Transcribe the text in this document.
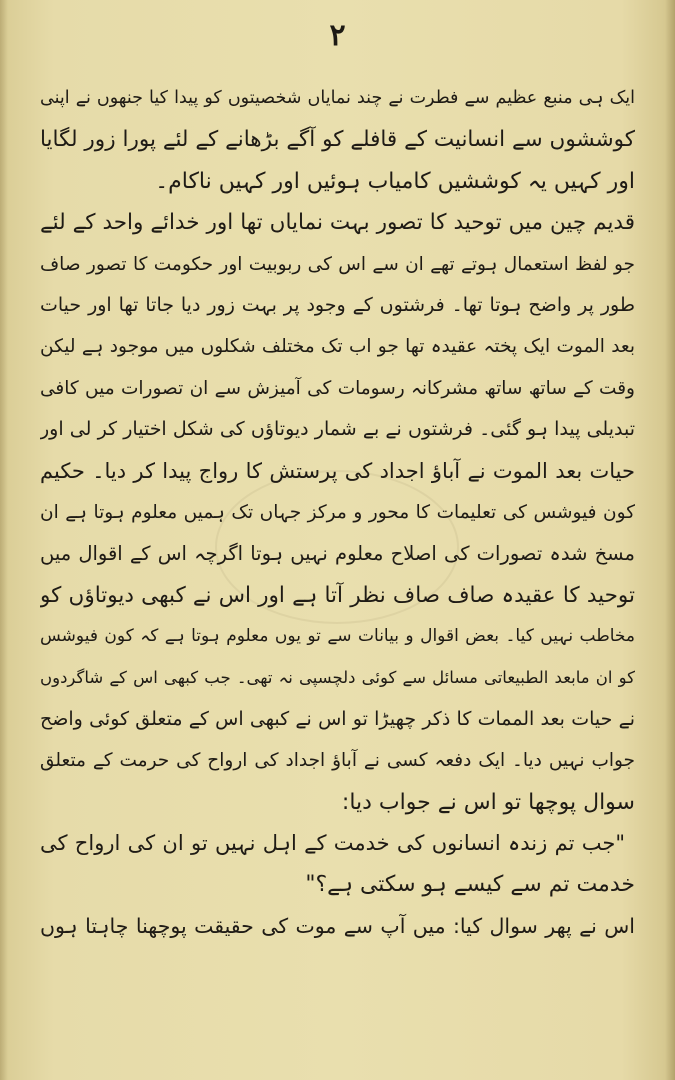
۲
ایک ہی منبع عظیم سے فطرت نے چند نمایاں شخصیتوں کو پیدا کیا جنھوں نے اپنی
کوششوں سے انسانیت کے قافلے کو آگے بڑھانے کے لئے پورا زور لگایا
اور کہیں یہ کوششیں کامیاب ہوئیں اور کہیں ناکام۔
قدیم چین میں توحید کا تصور بہت نمایاں تھا اور خدائے واحد کے لئے
جو لفظ استعمال ہوتے تھے ان سے اس کی ربوبیت اور حکومت کا تصور صاف
طور پر واضح ہوتا تھا۔ فرشتوں کے وجود پر بہت زور دیا جاتا تھا اور حیات
بعد الموت ایک پختہ عقیدہ تھا جو اب تک مختلف شکلوں میں موجود ہے لیکن
وقت کے ساتھ ساتھ مشرکانہ رسومات کی آمیزش سے ان تصورات میں کافی
تبدیلی پیدا ہو گئی۔ فرشتوں نے بے شمار دیوتاؤں کی شکل اختیار کر لی اور
حیات بعد الموت نے آباؤ اجداد کی پرستش کا رواج پیدا کر دیا۔ حکیم
کون فیوشس کی تعلیمات کا محور و مرکز جہاں تک ہمیں معلوم ہوتا ہے ان
مسخ شدہ تصورات کی اصلاح معلوم نہیں ہوتا اگرچہ اس کے اقوال میں
توحید کا عقیدہ صاف صاف نظر آتا ہے اور اس نے کبھی دیوتاؤں کو
مخاطب نہیں کیا۔ بعض اقوال و بیانات سے تو یوں معلوم ہوتا ہے کہ کون فیوشس
کو ان مابعد الطبیعاتی مسائل سے کوئی دلچسپی نہ تھی۔ جب کبھی اس کے شاگردوں
نے حیات بعد الممات کا ذکر چھیڑا تو اس نے کبھی اس کے متعلق کوئی واضح
جواب نہیں دیا۔ ایک دفعہ کسی نے آباؤ اجداد کی ارواح کی حرمت کے متعلق
سوال پوچھا تو اس نے جواب دیا:
"جب تم زندہ انسانوں کی خدمت کے اہل نہیں تو ان کی ارواح کی
خدمت تم سے کیسے ہو سکتی ہے؟"
اس نے پھر سوال کیا: میں آپ سے موت کی حقیقت پوچھنا چاہتا ہوں
